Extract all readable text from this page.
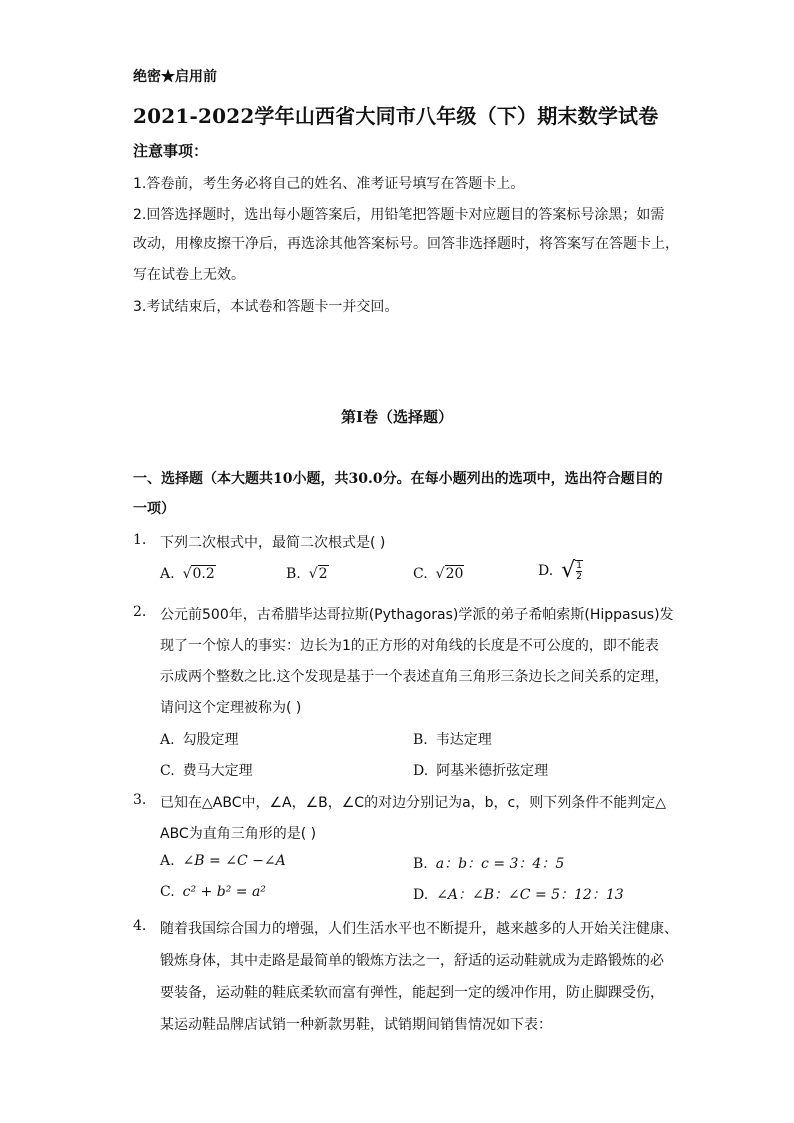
绝密★启用前
2021-2022学年山西省大同市八年级（下）期末数学试卷
注意事项：
1.答卷前，考生务必将自己的姓名、准考证号填写在答题卡上。
2.回答选择题时，选出每小题答案后，用铅笔把答题卡对应题目的答案标号涂黑；如需
改动，用橡皮擦干净后，再选涂其他答案标号。回答非选择题时，将答案写在答题卡上，
写在试卷上无效。
3.考试结束后，本试卷和答题卡一并交回。
第I卷（选择题）
一、选择题（本大题共10小题，共30.0分。在每小题列出的选项中，选出符合题目的
一项）
1. 下列二次根式中，最简二次根式是( )
A. √0.2	B. √2	C. √20	D. √ $\frac{1}{2}$
2. 公元前500年，古希腊毕达哥拉斯(Pythagoras)学派的弟子希帕索斯(Hippasus)发
现了一个惊人的事实：边长为1的正方形的对角线的长度是不可公度的，即不能表
示成两个整数之比.这个发现是基于一个表述直角三角形三条边长之间关系的定理，
请问这个定理被称为( )
A. 勾股定理	B. 韦达定理
C. 费马大定理	D. 阿基米德折弦定理
3. 已知在△ABC中，∠A，∠B，∠C的对边分别记为a，b，c，则下列条件不能判定△
ABC为直角三角形的是( )
A. ∠B = ∠C −∠A	B. a：b：c = 3：4：5
C. c² + b² = a²	D. ∠A：∠B：∠C = 5：12：13
4. 随着我国综合国力的增强，人们生活水平也不断提升，越来越多的人开始关注健康、
锻炼身体，其中走路是最简单的锻炼方法之一，舒适的运动鞋就成为走路锻炼的必
要装备，运动鞋的鞋底柔软而富有弹性，能起到一定的缓冲作用，防止脚踝受伤，
某运动鞋品牌店试销一种新款男鞋，试销期间销售情况如下表：
